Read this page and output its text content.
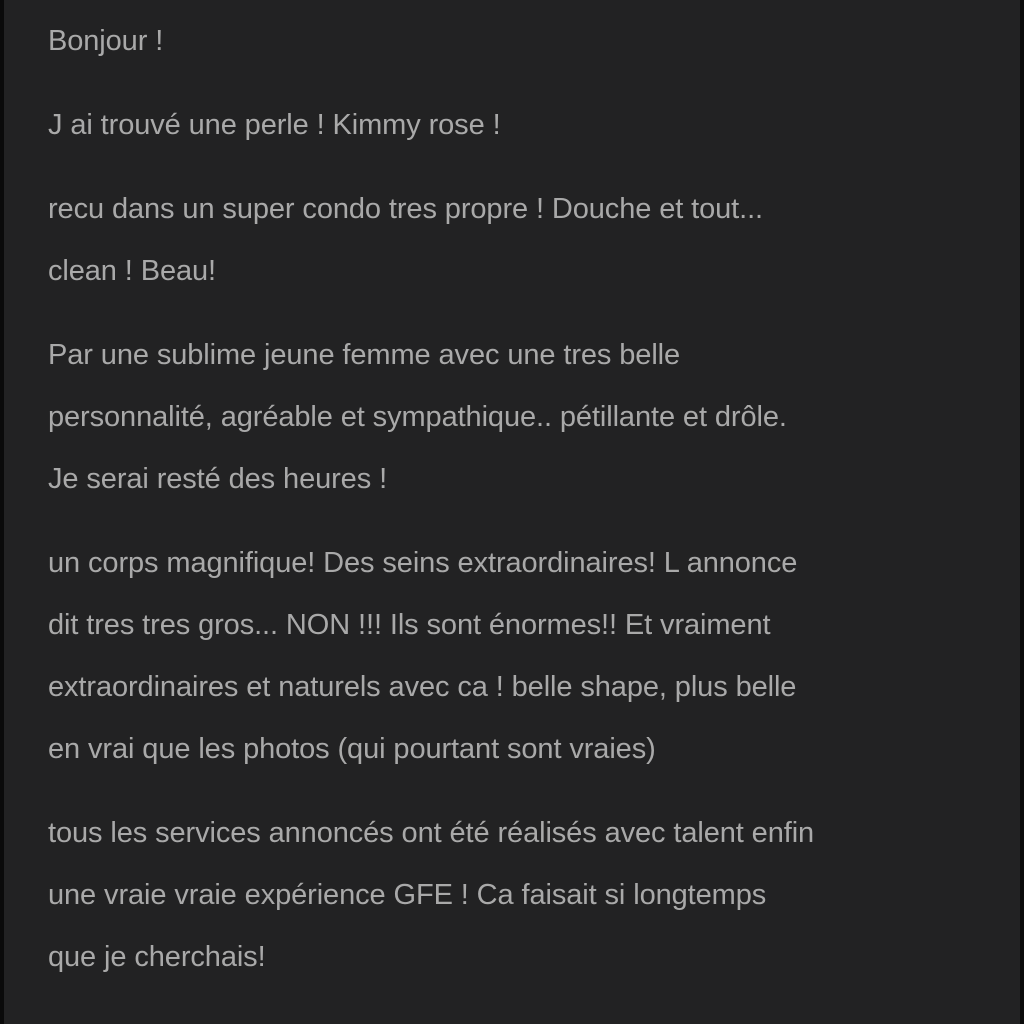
Bonjour !

J ai trouvé une perle ! Kimmy rose !

recu dans un super condo tres propre ! Douche et tout...
clean ! Beau!

Par une sublime jeune femme avec une tres belle
personnalité, agréable et sympathique.. pétillante et drôle.
Je serai resté des heures !

un corps magnifique! Des seins extraordinaires! L annonce
dit tres tres gros... NON !!! Ils sont énormes!! Et vraiment
extraordinaires et naturels avec ca ! belle shape, plus belle
en vrai que les photos (qui pourtant sont vraies)

tous les services annoncés ont été réalisés avec talent enfin
une vraie vraie expérience GFE ! Ca faisait si longtemps
que je cherchais!
